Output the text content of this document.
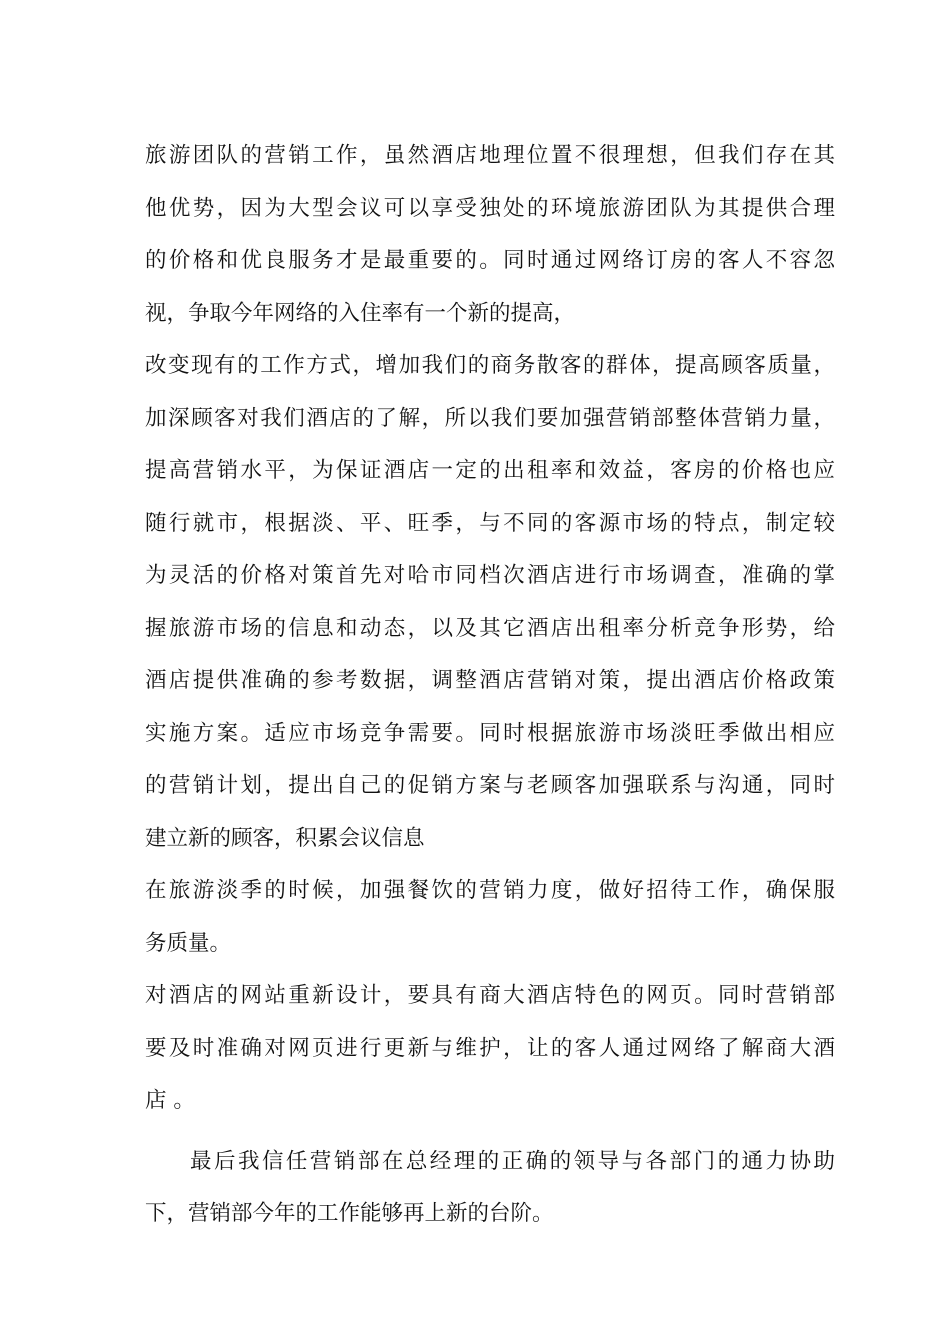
旅游团队的营销工作，虽然酒店地理位置不很理想，但我们存在其
他优势，因为大型会议可以享受独处的环境旅游团队为其提供合理
的价格和优良服务才是最重要的。同时通过网络订房的客人不容忽
视，争取今年网络的入住率有一个新的提高，
改变现有的工作方式，增加我们的商务散客的群体，提高顾客质量，
加深顾客对我们酒店的了解，所以我们要加强营销部整体营销力量，
提高营销水平，为保证酒店一定的出租率和效益，客房的价格也应
随行就市，根据淡、平、旺季，与不同的客源市场的特点，制定较
为灵活的价格对策首先对哈市同档次酒店进行市场调查，准确的掌
握旅游市场的信息和动态，以及其它酒店出租率分析竞争形势，给
酒店提供准确的参考数据，调整酒店营销对策，提出酒店价格政策
实施方案。适应市场竞争需要。同时根据旅游市场淡旺季做出相应
的营销计划，提出自己的促销方案与老顾客加强联系与沟通，同时
建立新的顾客，积累会议信息
在旅游淡季的时候，加强餐饮的营销力度，做好招待工作，确保服
务质量。
对酒店的网站重新设计，要具有商大酒店特色的网页。同时营销部
要及时准确对网页进行更新与维护，让的客人通过网络了解商大酒
店 。
最后我信任营销部在总经理的正确的领导与各部门的通力协助
下，营销部今年的工作能够再上新的台阶。
